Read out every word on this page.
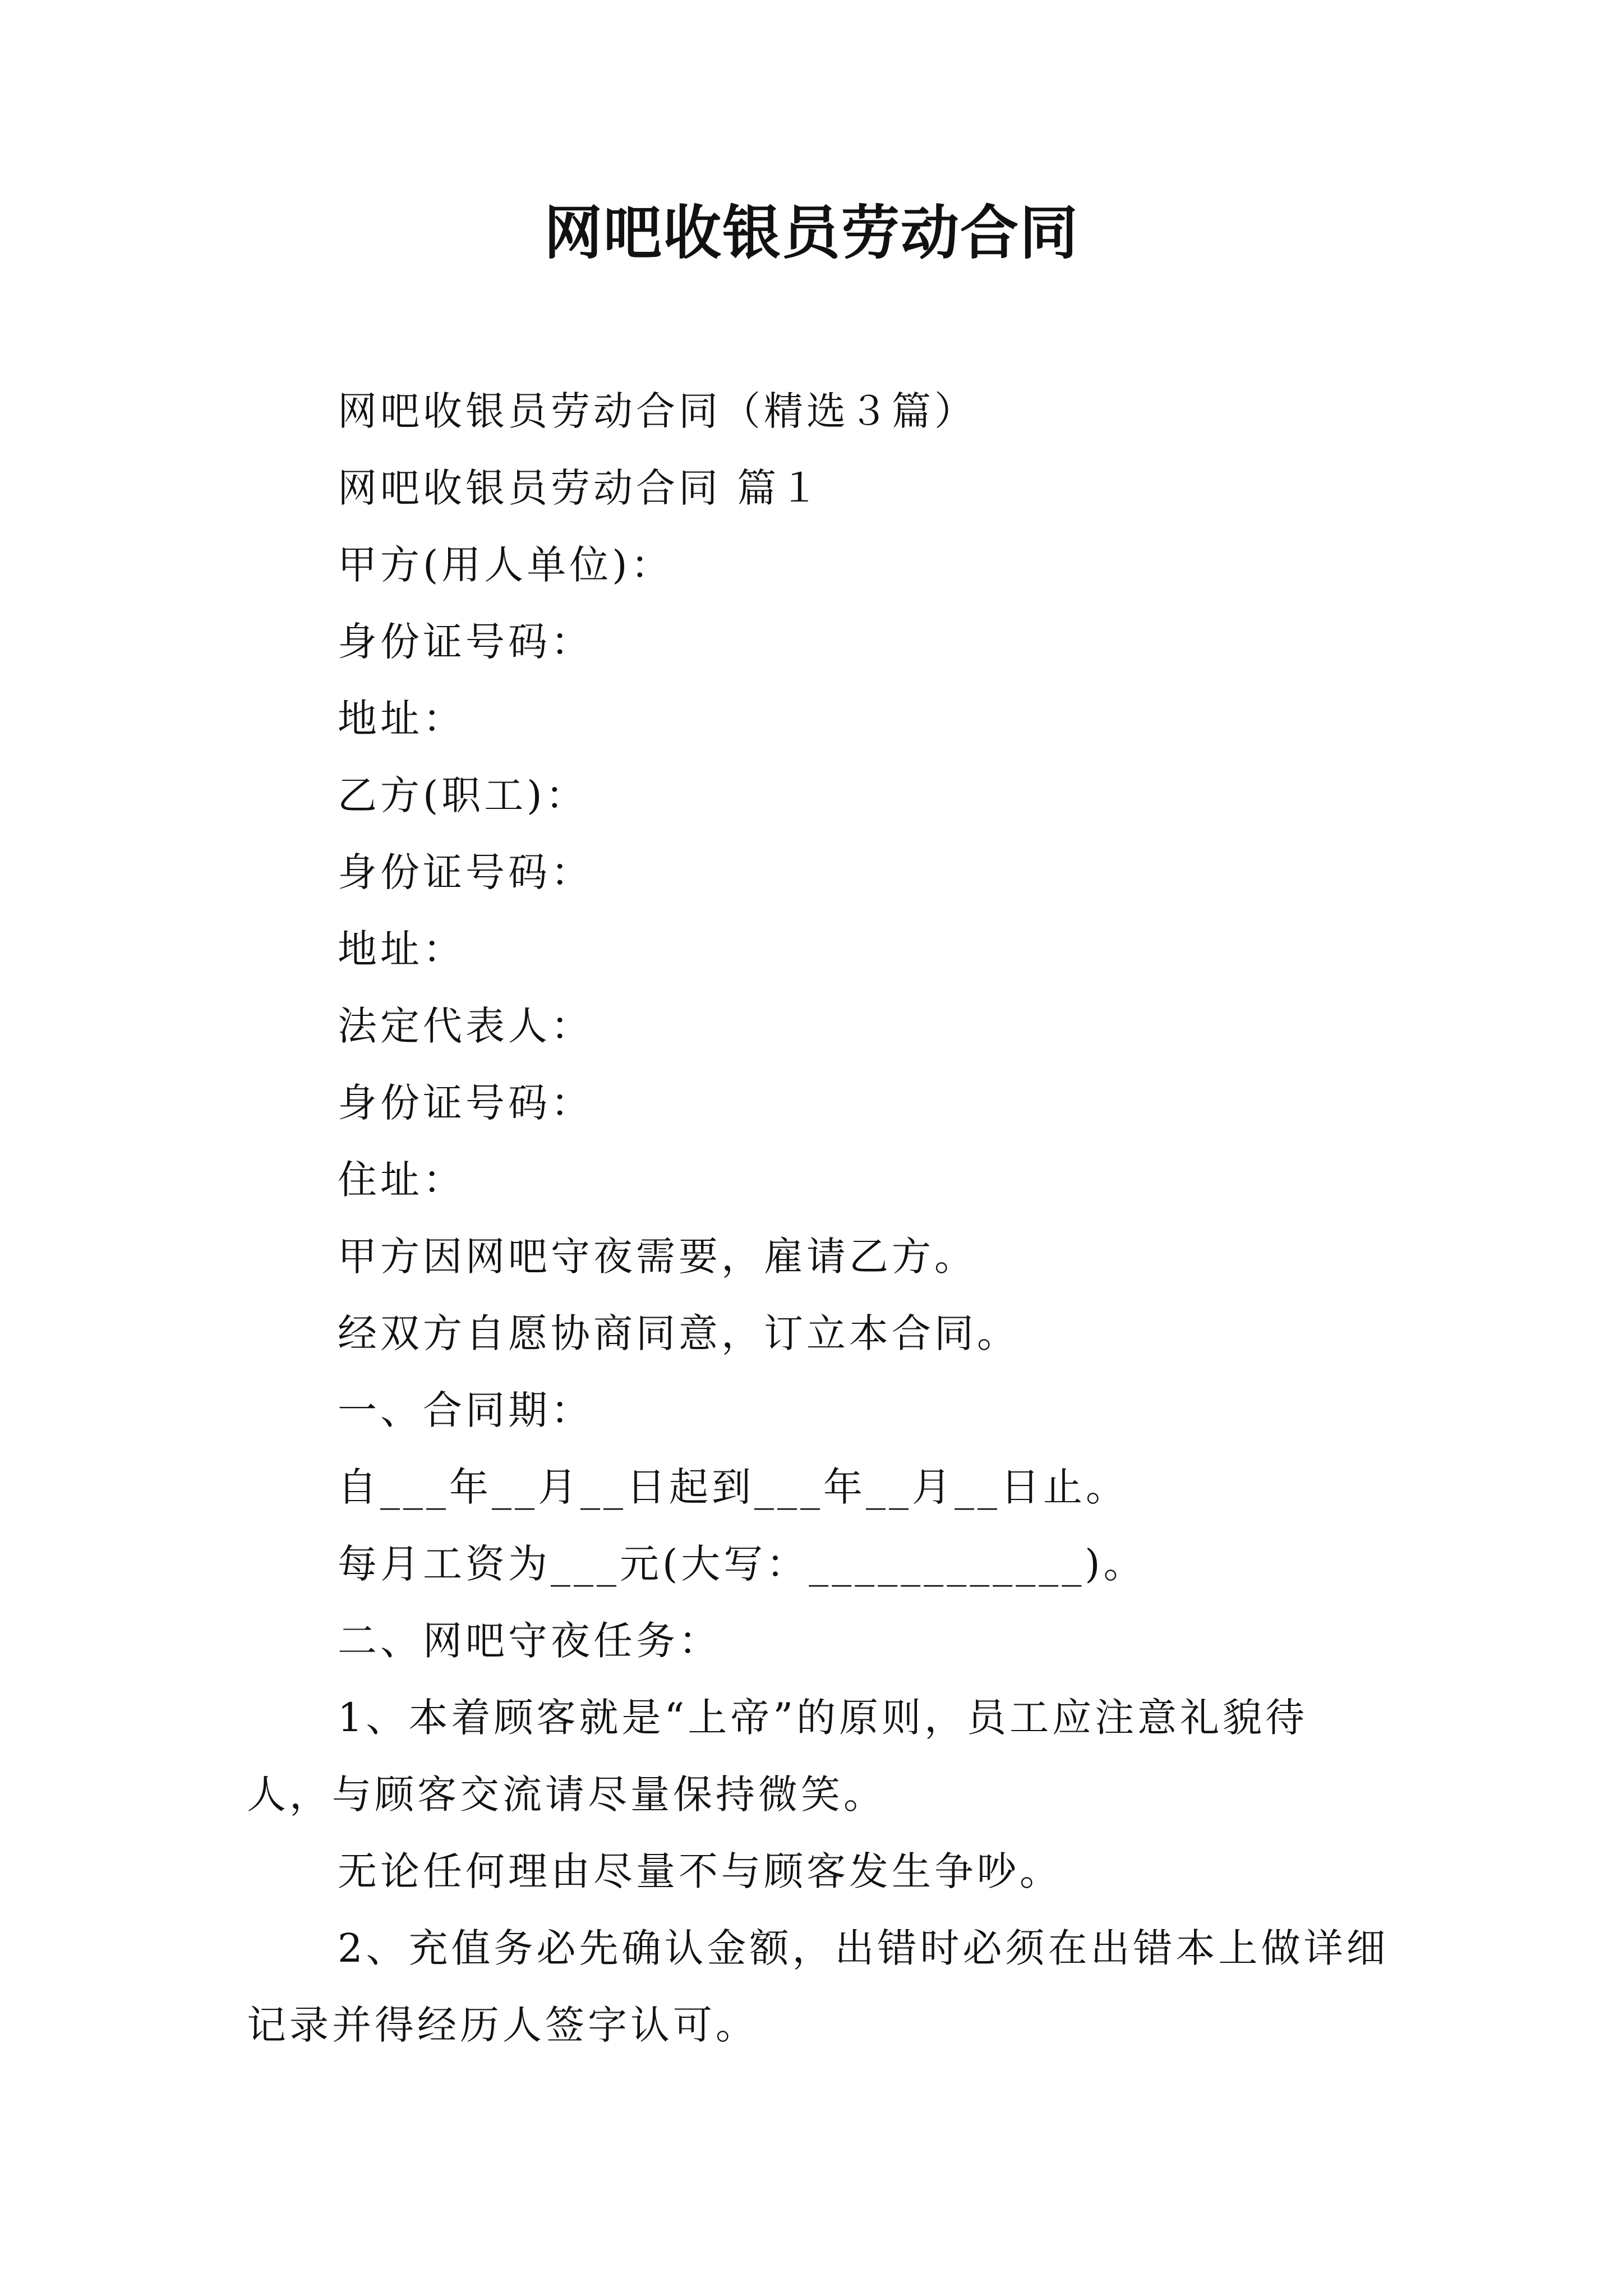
网吧收银员劳动合同

网吧收银员劳动合同（精选３篇）

网吧收银员劳动合同 篇１

甲方(用人单位)：

身份证号码：

地址：

乙方(职工)：

身份证号码：

地址：

法定代表人：

身份证号码：

住址：

甲方因网吧守夜需要，雇请乙方。

经双方自愿协商同意，订立本合同。

一、合同期：

自___年__月__日起到___年__月__日止。

每月工资为___元(大写：____________)。

二、网吧守夜任务：

1、本着顾客就是“上帝”的原则，员工应注意礼貌待人，与顾客交流请尽量保持微笑。

无论任何理由尽量不与顾客发生争吵。

2、充值务必先确认金额，出错时必须在出错本上做详细记录并得经历人签字认可。
